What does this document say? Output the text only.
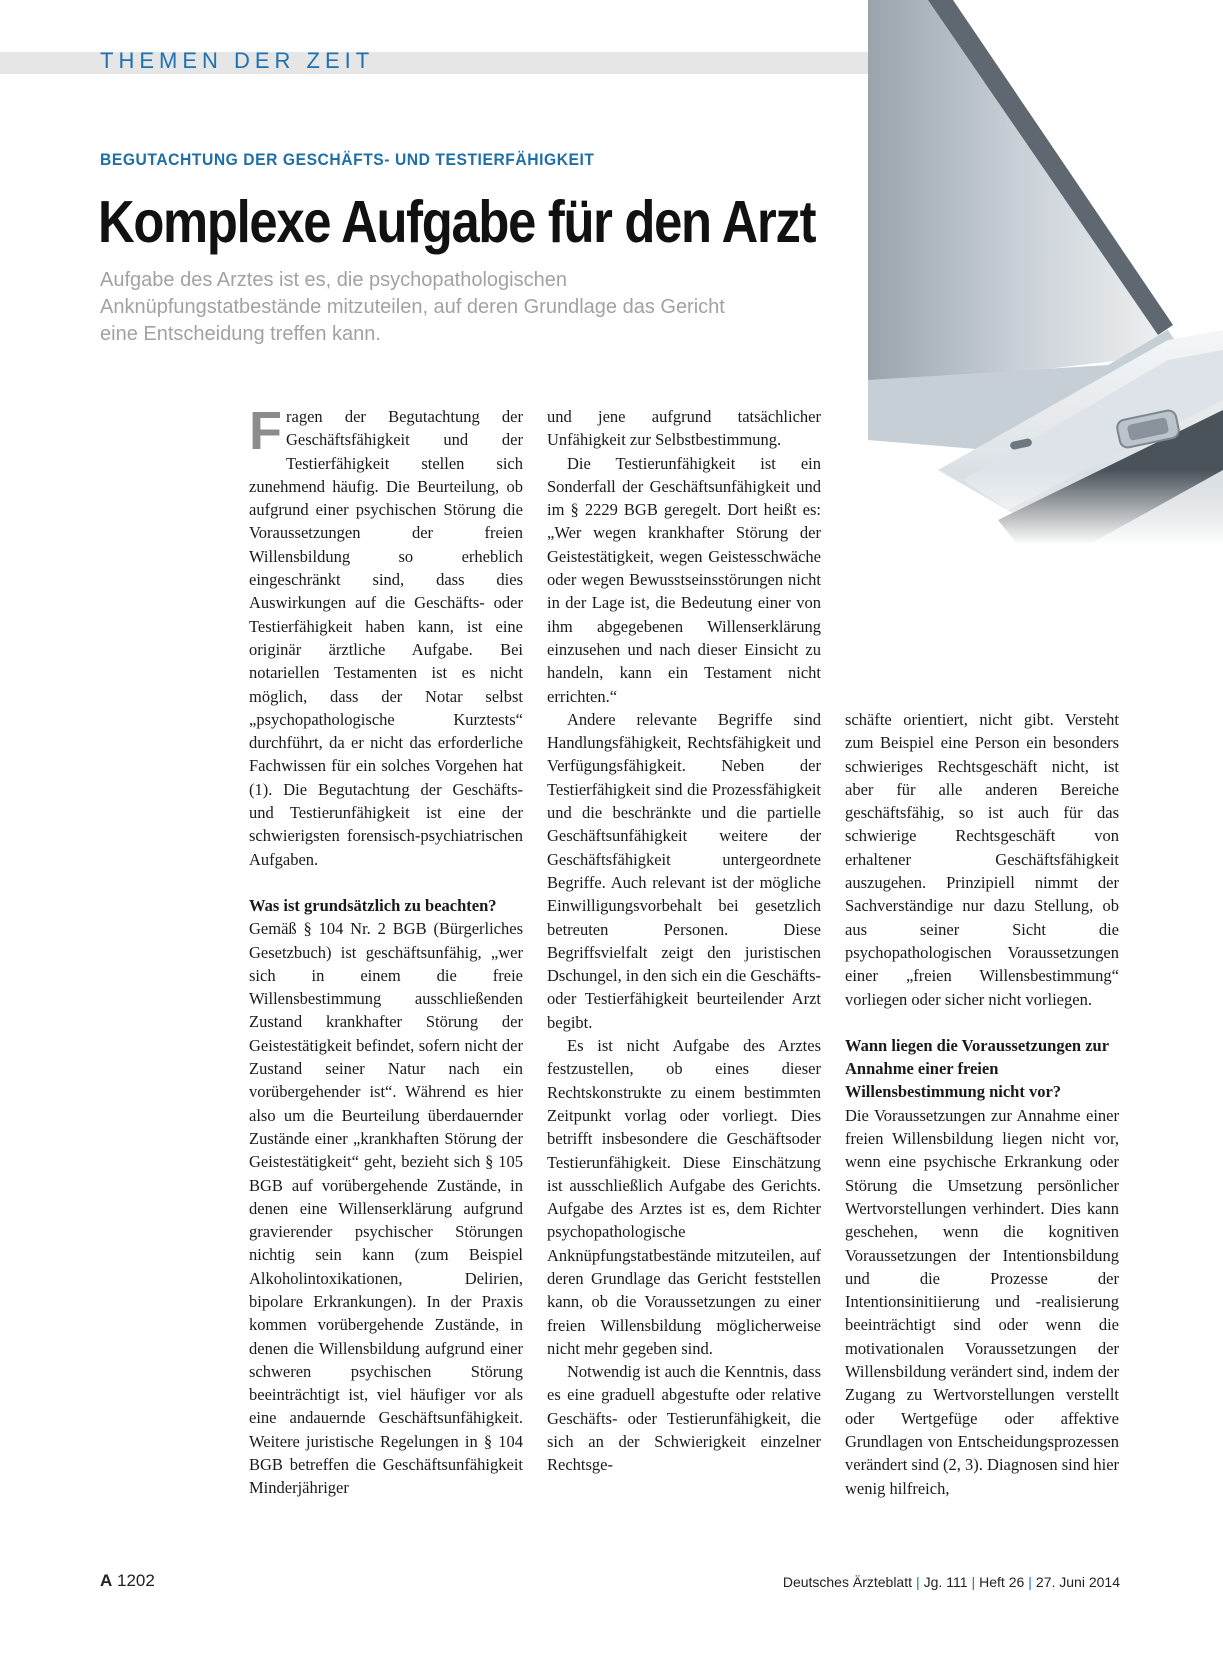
THEMEN DER ZEIT
BEGUTACHTUNG DER GESCHÄFTS- UND TESTIERFÄHIGKEIT
Komplexe Aufgabe für den Arzt

Aufgabe des Arztes ist es, die psychopathologischen Anknüpfungstatbestände mitzuteilen, auf deren Grundlage das Gericht eine Entscheidung treffen kann.

Fragen der Begutachtung der Geschäftsfähigkeit und der Testierfähigkeit stellen sich zunehmend häufig. Die Beurteilung, ob aufgrund einer psychischen Störung die Voraussetzungen der freien Willensbildung so erheblich eingeschränkt sind, dass dies Auswirkungen auf die Geschäfts- oder Testierfähigkeit haben kann, ist eine originär ärztliche Aufgabe. Bei notariellen Testamenten ist es nicht möglich, dass der Notar selbst „psychopathologische Kurztests“ durchführt, da er nicht das erforderliche Fachwissen für ein solches Vorgehen hat (1). Die Begutachtung der Geschäfts- und Testierunfähigkeit ist eine der schwierigsten forensisch-psychiatrischen Aufgaben.

Was ist grundsätzlich zu beachten?

Gemäß § 104 Nr. 2 BGB (Bürgerliches Gesetzbuch) ist geschäftsunfähig, „wer sich in einem die freie Willensbestimmung ausschließenden Zustand krankhafter Störung der Geistestätigkeit befindet, sofern nicht der Zustand seiner Natur nach ein vorübergehender ist“. Während es hier also um die Beurteilung überdauernder Zustände einer „krankhaften Störung der Geistestätigkeit“ geht, bezieht sich § 105 BGB auf vorübergehende Zustände, in denen eine Willenserklärung aufgrund gravierender psychischer Störungen nichtig sein kann (zum Beispiel Alkoholintoxikationen, Delirien, bipolare Erkrankungen). In der Praxis kommen vorübergehende Zustände, in denen die Willensbildung aufgrund einer schweren psychischen Störung beeinträchtigt ist, viel häufiger vor als eine andauernde Geschäftsunfähigkeit. Weitere juristische Regelungen in § 104 BGB betreffen die Geschäftsunfähigkeit Minderjähriger

und jene aufgrund tatsächlicher Unfähigkeit zur Selbstbestimmung.

Die Testierunfähigkeit ist ein Sonderfall der Geschäftsunfähigkeit und im § 2229 BGB geregelt. Dort heißt es: „Wer wegen krankhafter Störung der Geistestätigkeit, wegen Geistesschwäche oder wegen Bewusstseinsstörungen nicht in der Lage ist, die Bedeutung einer von ihm abgegebenen Willenserklärung einzusehen und nach dieser Einsicht zu handeln, kann ein Testament nicht errichten.“

Andere relevante Begriffe sind Handlungsfähigkeit, Rechtsfähigkeit und Verfügungsfähigkeit. Neben der Testierfähigkeit sind die Prozessfähigkeit und die beschränkte und die partielle Geschäftsunfähigkeit weitere der Geschäftsfähigkeit untergeordnete Begriffe. Auch relevant ist der mögliche Einwilligungsvorbehalt bei gesetzlich betreuten Personen. Diese Begriffsvielfalt zeigt den juristischen Dschungel, in den sich ein die Geschäfts- oder Testierfähigkeit beurteilender Arzt begibt.

Es ist nicht Aufgabe des Arztes festzustellen, ob eines dieser Rechtskonstrukte zu einem bestimmten Zeitpunkt vorlag oder vorliegt. Dies betrifft insbesondere die Geschäftsoder Testierunfähigkeit. Diese Einschätzung ist ausschließlich Aufgabe des Gerichts. Aufgabe des Arztes ist es, dem Richter psychopathologische Anknüpfungstatbestände mitzuteilen, auf deren Grundlage das Gericht feststellen kann, ob die Voraussetzungen zu einer freien Willensbildung möglicherweise nicht mehr gegeben sind.

Notwendig ist auch die Kenntnis, dass es eine graduell abgestufte oder relative Geschäfts- oder Testierunfähigkeit, die sich an der Schwierigkeit einzelner Rechtsge-

schäfte orientiert, nicht gibt. Versteht zum Beispiel eine Person ein besonders schwieriges Rechtsgeschäft nicht, ist aber für alle anderen Bereiche geschäftsfähig, so ist auch für das schwierige Rechtsgeschäft von erhaltener Geschäftsfähigkeit auszugehen. Prinzipiell nimmt der Sachverständige nur dazu Stellung, ob aus seiner Sicht die psychopathologischen Voraussetzungen einer „freien Willensbestimmung“ vorliegen oder sicher nicht vorliegen.

Wann liegen die Voraussetzungen zur Annahme einer freien Willensbestimmung nicht vor?

Die Voraussetzungen zur Annahme einer freien Willensbildung liegen nicht vor, wenn eine psychische Erkrankung oder Störung die Umsetzung persönlicher Wertvorstellungen verhindert. Dies kann geschehen, wenn die kognitiven Voraussetzungen der Intentionsbildung und die Prozesse der Intentionsinitiierung und -realisierung beeinträchtigt sind oder wenn die motivationalen Voraussetzungen der Willensbildung verändert sind, indem der Zugang zu Wertvorstellungen verstellt oder Wertgefüge oder affektive Grundlagen von Entscheidungsprozessen verändert sind (2, 3). Diagnosen sind hier wenig hilfreich,

A 1202	Deutsches Ärzteblatt | Jg. 111 | Heft 26 | 27. Juni 2014
